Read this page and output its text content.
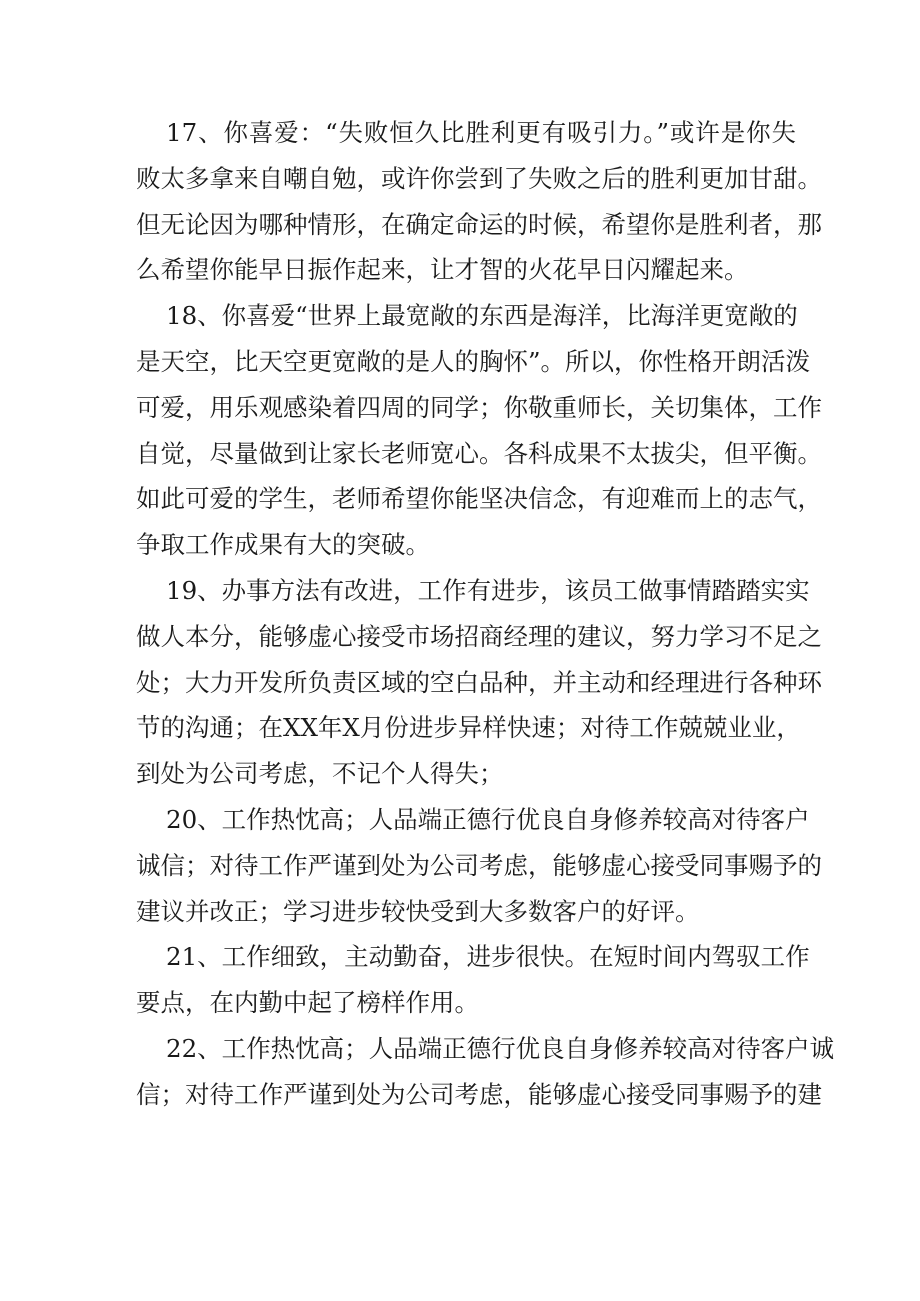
17、你喜爱：“失败恒久比胜利更有吸引力。”或许是你失
败太多拿来自嘲自勉，或许你尝到了失败之后的胜利更加甘甜。
但无论因为哪种情形，在确定命运的时候，希望你是胜利者，那
么希望你能早日振作起来，让才智的火花早日闪耀起来。
18、你喜爱“世界上最宽敞的东西是海洋，比海洋更宽敞的
是天空，比天空更宽敞的是人的胸怀”。所以，你性格开朗活泼
可爱，用乐观感染着四周的同学；你敬重师长，关切集体，工作
自觉，尽量做到让家长老师宽心。各科成果不太拔尖，但平衡。
如此可爱的学生，老师希望你能坚决信念，有迎难而上的志气，
争取工作成果有大的突破。
19、办事方法有改进，工作有进步，该员工做事情踏踏实实
做人本分，能够虚心接受市场招商经理的建议，努力学习不足之
处；大力开发所负责区域的空白品种，并主动和经理进行各种环
节的沟通；在XX年X月份进步异样快速；对待工作兢兢业业，
到处为公司考虑，不记个人得失；
20、工作热忱高；人品端正德行优良自身修养较高对待客户
诚信；对待工作严谨到处为公司考虑，能够虚心接受同事赐予的
建议并改正；学习进步较快受到大多数客户的好评。
21、工作细致，主动勤奋，进步很快。在短时间内驾驭工作
要点，在内勤中起了榜样作用。
22、工作热忱高；人品端正德行优良自身修养较高对待客户诚
信；对待工作严谨到处为公司考虑，能够虚心接受同事赐予的建
